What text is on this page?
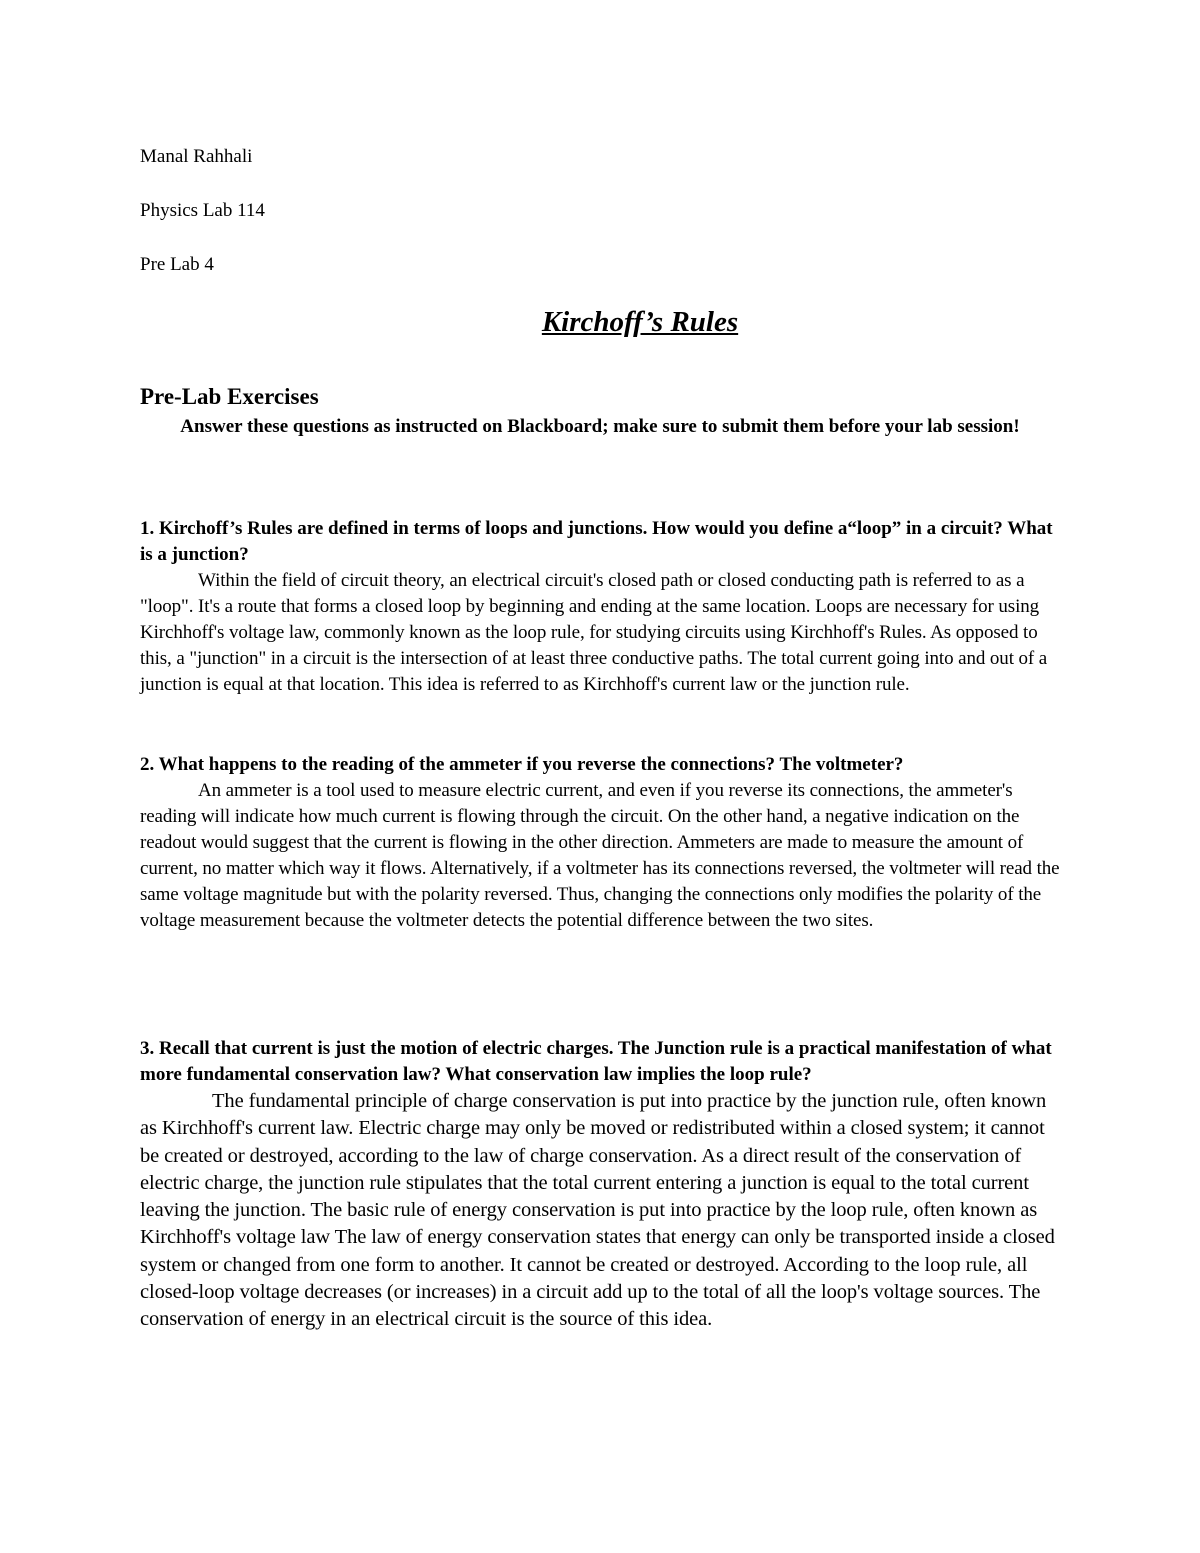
Manal Rahhali

Physics Lab 114

Pre Lab 4

Kirchoff’s Rules
Pre-Lab Exercises

Answer these questions as instructed on Blackboard; make sure to submit them before your lab session!

1. Kirchoff’s Rules are defined in terms of loops and junctions. How would you define a“loop” in a circuit? What is a junction?

Within the field of circuit theory, an electrical circuit's closed path or closed conducting path is referred to as a "loop". It's a route that forms a closed loop by beginning and ending at the same location. Loops are necessary for using Kirchhoff's voltage law, commonly known as the loop rule, for studying circuits using Kirchhoff's Rules. As opposed to this, a "junction" in a circuit is the intersection of at least three conductive paths. The total current going into and out of a junction is equal at that location. This idea is referred to as Kirchhoff's current law or the junction rule.

2. What happens to the reading of the ammeter if you reverse the connections? The voltmeter?

An ammeter is a tool used to measure electric current, and even if you reverse its connections, the ammeter's reading will indicate how much current is flowing through the circuit. On the other hand, a negative indication on the readout would suggest that the current is flowing in the other direction. Ammeters are made to measure the amount of current, no matter which way it flows. Alternatively, if a voltmeter has its connections reversed, the voltmeter will read the same voltage magnitude but with the polarity reversed. Thus, changing the connections only modifies the polarity of the voltage measurement because the voltmeter detects the potential difference between the two sites.

3. Recall that current is just the motion of electric charges. The Junction rule is a practical manifestation of what more fundamental conservation law? What conservation law implies the loop rule?

The fundamental principle of charge conservation is put into practice by the junction rule, often known as Kirchhoff's current law. Electric charge may only be moved or redistributed within a closed system; it cannot be created or destroyed, according to the law of charge conservation. As a direct result of the conservation of electric charge, the junction rule stipulates that the total current entering a junction is equal to the total current leaving the junction. The basic rule of energy conservation is put into practice by the loop rule, often known as Kirchhoff's voltage law The law of energy conservation states that energy can only be transported inside a closed system or changed from one form to another. It cannot be created or destroyed. According to the loop rule, all closed-loop voltage decreases (or increases) in a circuit add up to the total of all the loop's voltage sources. The conservation of energy in an electrical circuit is the source of this idea.
